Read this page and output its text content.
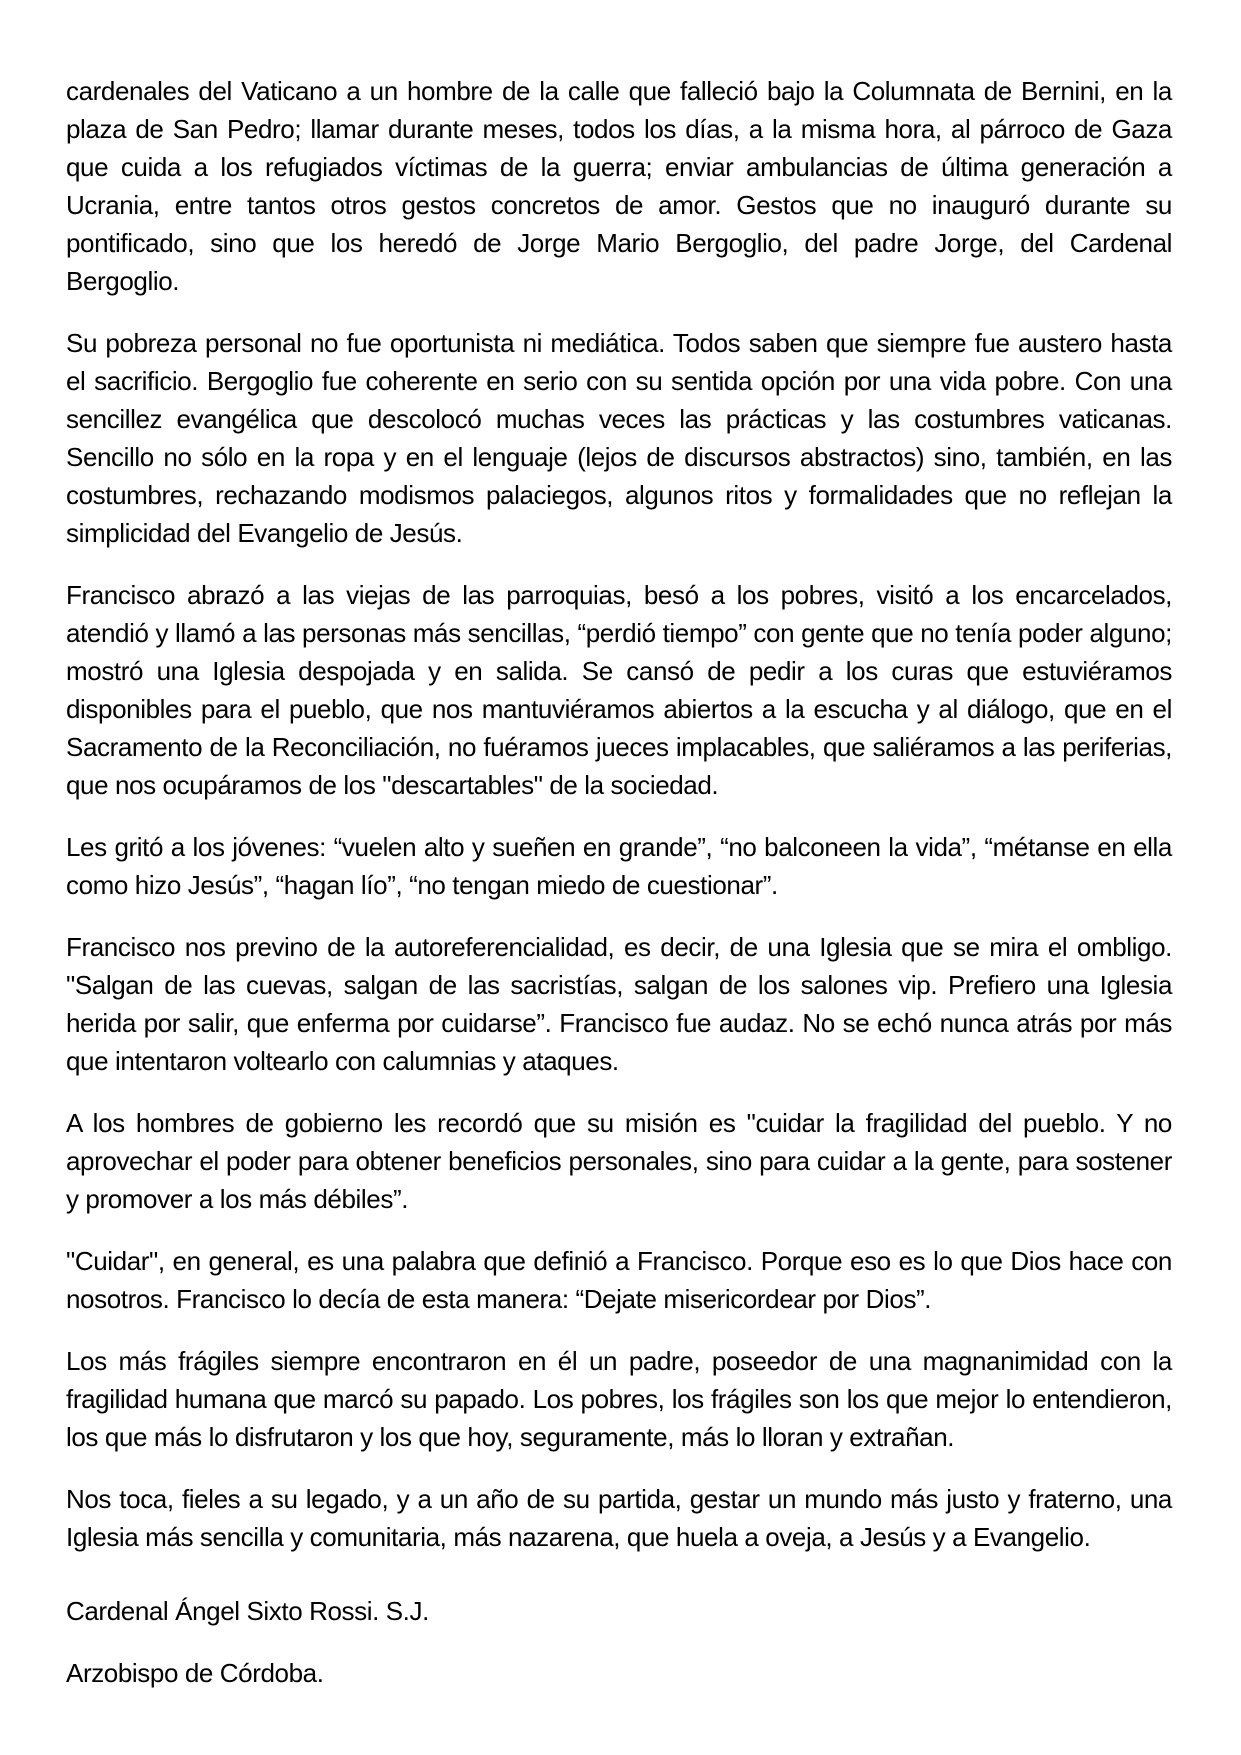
cardenales del Vaticano a un hombre de la calle que falleció bajo la Columnata de Bernini, en la plaza de San Pedro; llamar durante meses, todos los días, a la misma hora, al párroco de Gaza que cuida a los refugiados víctimas de la guerra; enviar ambulancias de última generación a Ucrania, entre tantos otros gestos concretos de amor. Gestos que no inauguró durante su pontificado, sino que los heredó de Jorge Mario Bergoglio, del padre Jorge, del Cardenal Bergoglio.

Su pobreza personal no fue oportunista ni mediática. Todos saben que siempre fue austero hasta el sacrificio. Bergoglio fue coherente en serio con su sentida opción por una vida pobre. Con una sencillez evangélica que descolocó muchas veces las prácticas y las costumbres vaticanas. Sencillo no sólo en la ropa y en el lenguaje (lejos de discursos abstractos) sino, también, en las costumbres, rechazando modismos palaciegos, algunos ritos y formalidades que no reflejan la simplicidad del Evangelio de Jesús.

Francisco abrazó a las viejas de las parroquias, besó a los pobres, visitó a los encarcelados, atendió y llamó a las personas más sencillas, “perdió tiempo” con gente que no tenía poder alguno; mostró una Iglesia despojada y en salida. Se cansó de pedir a los curas que estuviéramos disponibles para el pueblo, que nos mantuviéramos abiertos a la escucha y al diálogo, que en el Sacramento de la Reconciliación, no fuéramos jueces implacables, que saliéramos a las periferias, que nos ocupáramos de los "descartables" de la sociedad.

Les gritó a los jóvenes: “vuelen alto y sueñen en grande”, “no balconeen la vida”, “métanse en ella como hizo Jesús”, “hagan lío”, “no tengan miedo de cuestionar”.

Francisco nos previno de la autoreferencialidad, es decir, de una Iglesia que se mira el ombligo. "Salgan de las cuevas, salgan de las sacristías, salgan de los salones vip. Prefiero una Iglesia herida por salir, que enferma por cuidarse”. Francisco fue audaz. No se echó nunca atrás por más que intentaron voltearlo con calumnias y ataques.

A los hombres de gobierno les recordó que su misión es "cuidar la fragilidad del pueblo. Y no aprovechar el poder para obtener beneficios personales, sino para cuidar a la gente, para sostener y promover a los más débiles”.

"Cuidar", en general, es una palabra que definió a Francisco. Porque eso es lo que Dios hace con nosotros. Francisco lo decía de esta manera: “Dejate misericordear por Dios”.

Los más frágiles siempre encontraron en él un padre, poseedor de una magnanimidad con la fragilidad humana que marcó su papado. Los pobres, los frágiles son los que mejor lo entendieron, los que más lo disfrutaron y los que hoy, seguramente, más lo lloran y extrañan.

Nos toca, fieles a su legado, y a un año de su partida, gestar un mundo más justo y fraterno, una Iglesia más sencilla y comunitaria, más nazarena, que huela a oveja, a Jesús y a Evangelio.

Cardenal Ángel Sixto Rossi. S.J.

Arzobispo de Córdoba.
